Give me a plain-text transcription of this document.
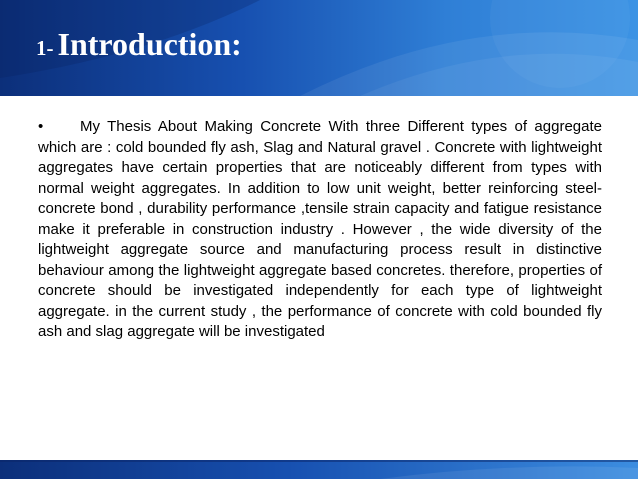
1- Introduction:

• My Thesis About Making Concrete With three Different types of aggregate which are : cold bounded fly ash, Slag and Natural gravel . Concrete with lightweight aggregates have certain properties that are noticeably different from types with normal weight aggregates. In addition to low unit weight, better reinforcing steel-concrete bond , durability performance ,tensile strain capacity and fatigue resistance make it preferable in construction industry . However , the wide diversity of the lightweight aggregate source and manufacturing process result in distinctive behaviour among the lightweight aggregate based concretes. therefore, properties of concrete should be investigated independently for each type of lightweight aggregate. in the current study , the performance of concrete with cold bounded fly ash and slag aggregate will be investigated
